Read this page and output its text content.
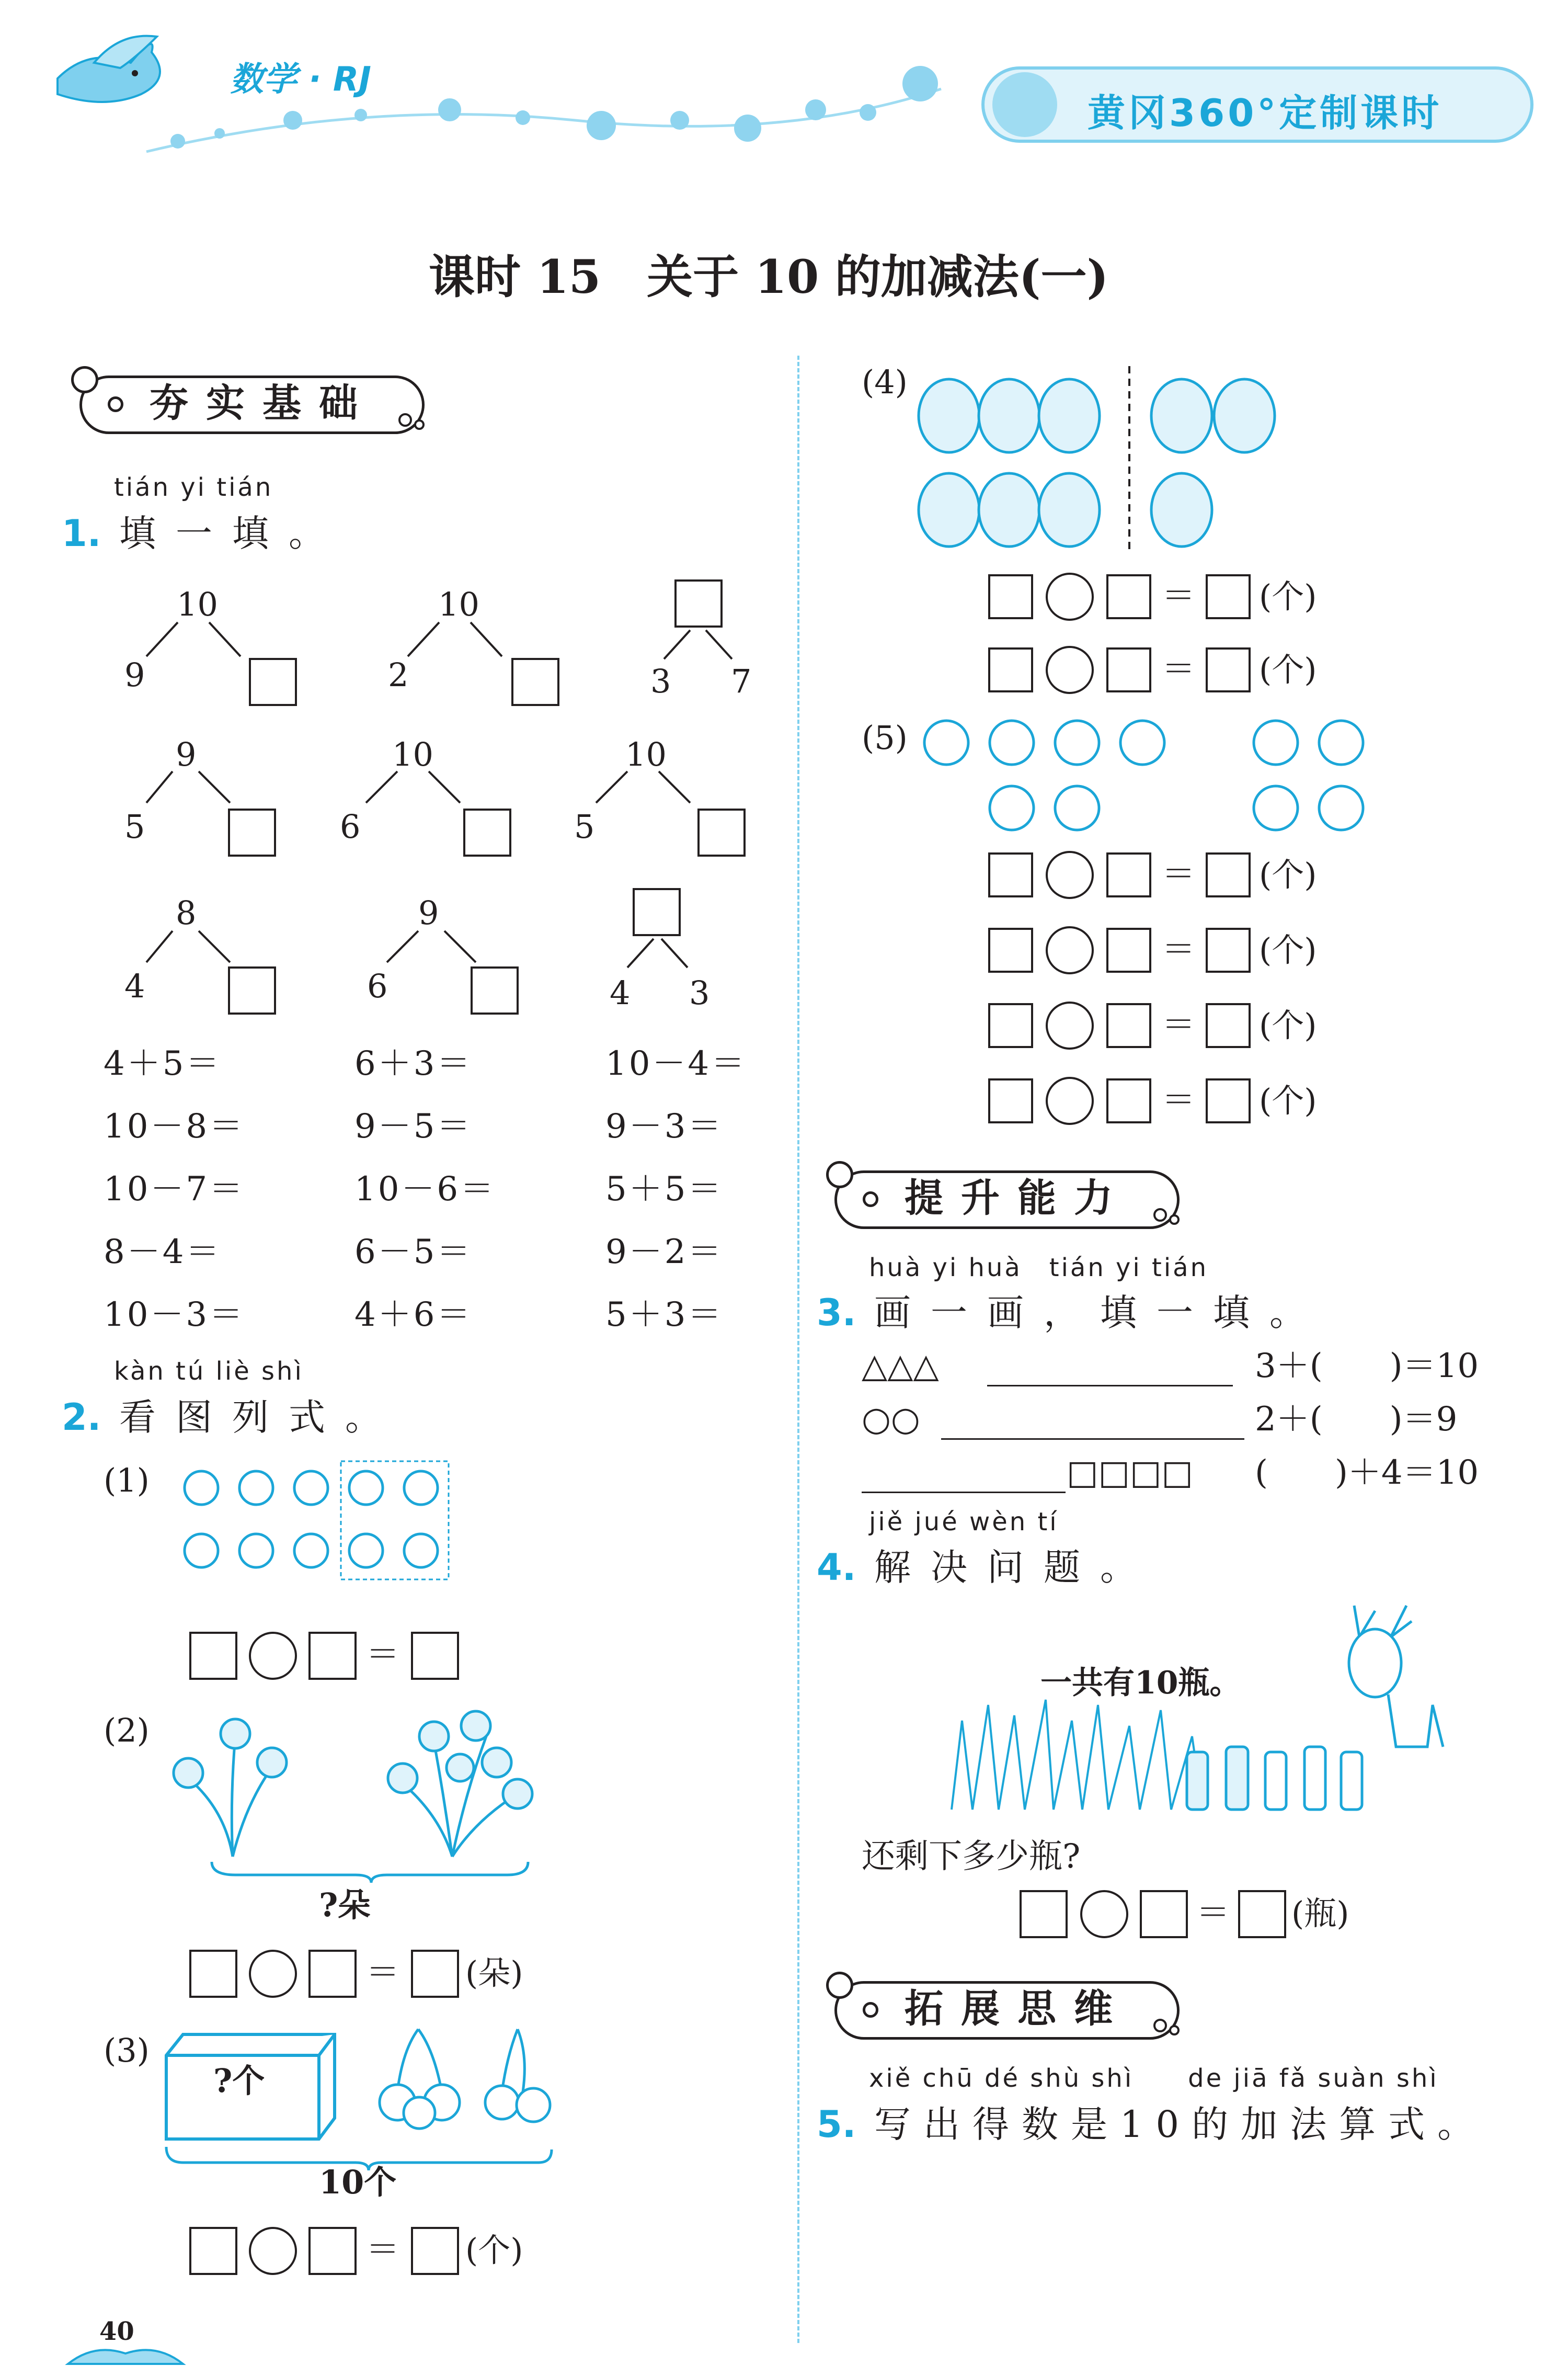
数学 · RJ
黄冈360°定制课时
课时 15　关于 10 的加减法(一)
夯实基础
tián yi tián
1. 填一填。
10
9
10
2	3 7
9
5
10
6
10
5
8
4
9
6	4 3
4＋5＝	6＋3＝	10－4＝
10－8＝	9－5＝	9－3＝
10－7＝	10－6＝	5＋5＝
8－4＝	6－5＝	9－2＝
10－3＝	4＋6＝	5＋3＝
kàn tú liè shì
2. 看图列式。
(1)
＝
(2)
?朵
＝ (朵)
(3)
?个
10个
＝ (个)
40
(4)
＝ (个)
＝ (个)
(5)
＝ (个)
＝ (个)
＝ (个)
＝ (个)
提升能力
huà yi huà　tián yi tián
3. 画一画，填一填。
△△△	3＋(　　)＝10
○○	2＋(　　)＝9
□□□□ (　　)＋4＝10
jiě jué wèn tí
4. 解决问题。
一共有10瓶。
还剩下多少瓶?
＝ (瓶)
拓展思维
xiě chū dé shù shì　　de jiā fǎ suàn shì
5. 写出得数是10的加法算式。
